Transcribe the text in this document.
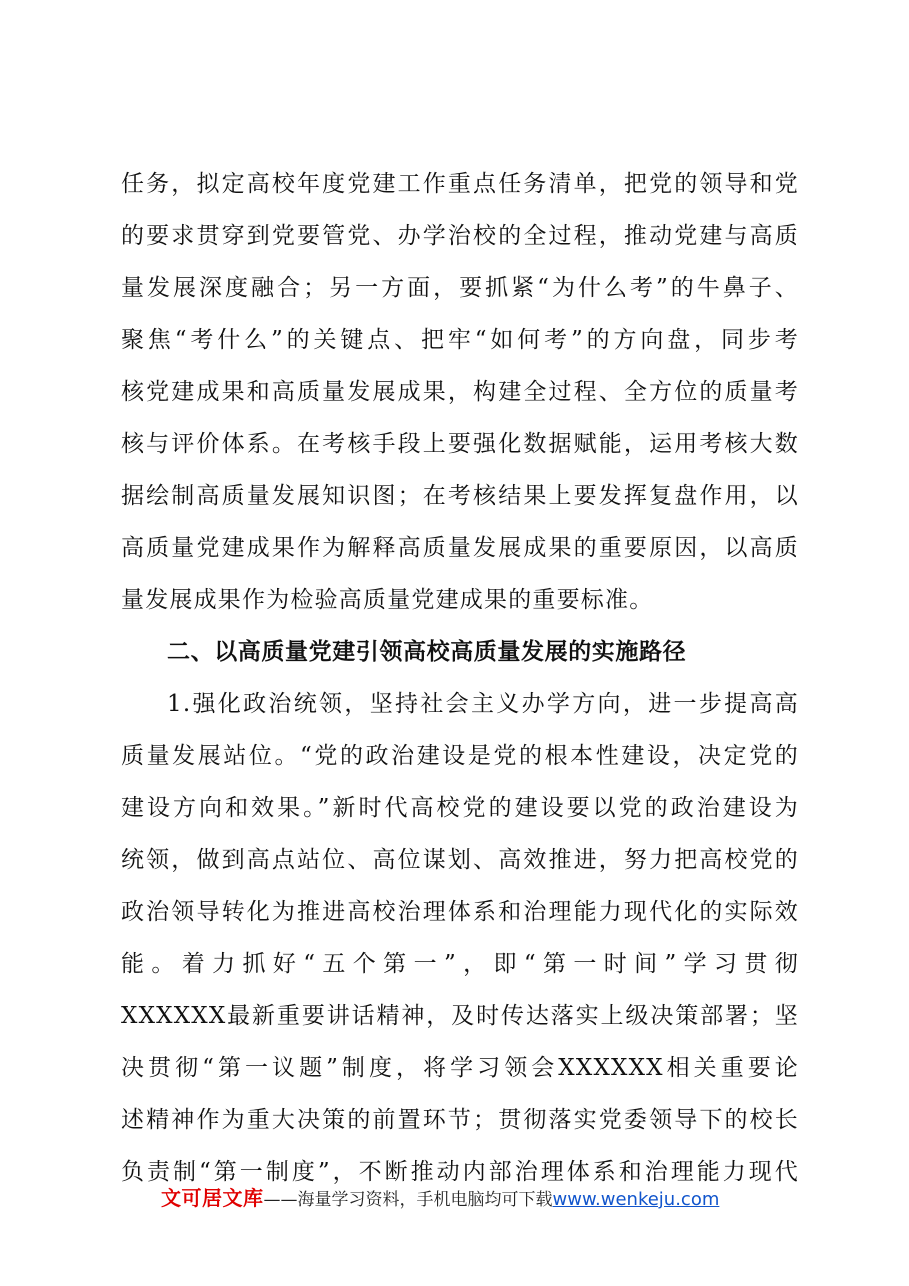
任务，拟定高校年度党建工作重点任务清单，把党的领导和党
的要求贯穿到党要管党、办学治校的全过程，推动党建与高质
量发展深度融合；另一方面，要抓紧“为什么考”的牛鼻子、
聚焦“考什么”的关键点、把牢“如何考”的方向盘，同步考
核党建成果和高质量发展成果，构建全过程、全方位的质量考
核与评价体系。在考核手段上要强化数据赋能，运用考核大数
据绘制高质量发展知识图；在考核结果上要发挥复盘作用，以
高质量党建成果作为解释高质量发展成果的重要原因，以高质
量发展成果作为检验高质量党建成果的重要标准。
二、以高质量党建引领高校高质量发展的实施路径
1.强化政治统领，坚持社会主义办学方向，进一步提高高
质量发展站位。“党的政治建设是党的根本性建设，决定党的
建设方向和效果。”新时代高校党的建设要以党的政治建设为
统领，做到高点站位、高位谋划、高效推进，努力把高校党的
政治领导转化为推进高校治理体系和治理能力现代化的实际效
能。着力抓好“五个第一”，即“第一时间”学习贯彻
XXXXXX最新重要讲话精神，及时传达落实上级决策部署；坚
决贯彻“第一议题”制度，将学习领会XXXXXX相关重要论
述精神作为重大决策的前置环节；贯彻落实党委领导下的校长
负责制“第一制度”，不断推动内部治理体系和治理能力现代
文可居文库——海量学习资料，手机电脑均可下载www.wenkeju.com
